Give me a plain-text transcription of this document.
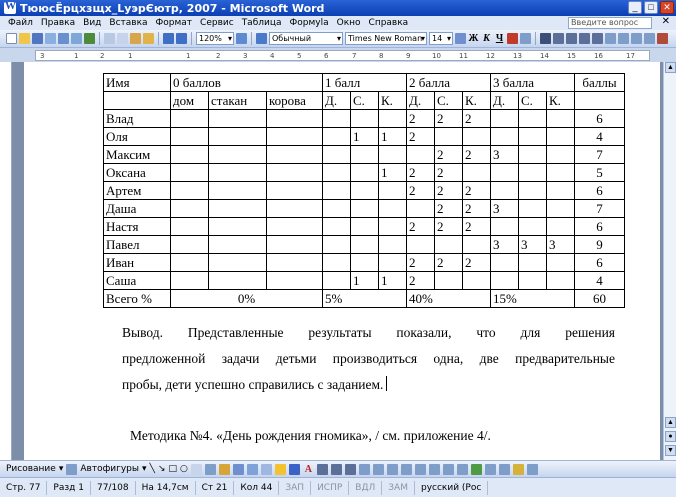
W
ТююсЁрцхзщх_LуэрЄютр, 2007 - Microsoft Word	_	□	✕
Файл Правка Вид Вставка Формат Сервис Таблица Формуlа Окно Справка	Введите вопрос	✕
120% ▾	Обычный ▾	Times New Roman ▾	14 ▾	Ж К Ч
3	1	2	1	1	2	3	4	5	6	7	8	9	10	11	12	13	14	15	16	17
Имя	0 баллов			1 балл			2 балла			3 балла			баллы
	дом	стакан	корова	Д.	С.	К.	Д.	С.	К.	Д.	С.	К.	
Влад							2	2	2				6
Оля					1	1	2						4
Максим								2	2	3			7
Оксана						1	2	2					5
Артем							2	2	2				6
Даша								2	2	3			7
Настя							2	2	2				6
Павел										3	3	3	9
Иван							2	2	2				6
Саша					1	1	2						4
Всего %	0%			5%			40%			15%			60
Вывод. Представленные результаты показали, что для решения
предложенной задачи детьми производиться одна, две предварительные
пробы, дети успешно справились с заданием.
Методика №4. «День рождения гномика», / см. приложение 4/.
▲
▲
●
▼
Рисование ▾ Автофигуры ▾ ╲ ↘ □ ○	A
Стр. 77	Разд 1	77/108	На 14,7см	Ст 21	Кол 44	ЗАП	ИСПР	ВДЛ	ЗАМ	русский (Рос
